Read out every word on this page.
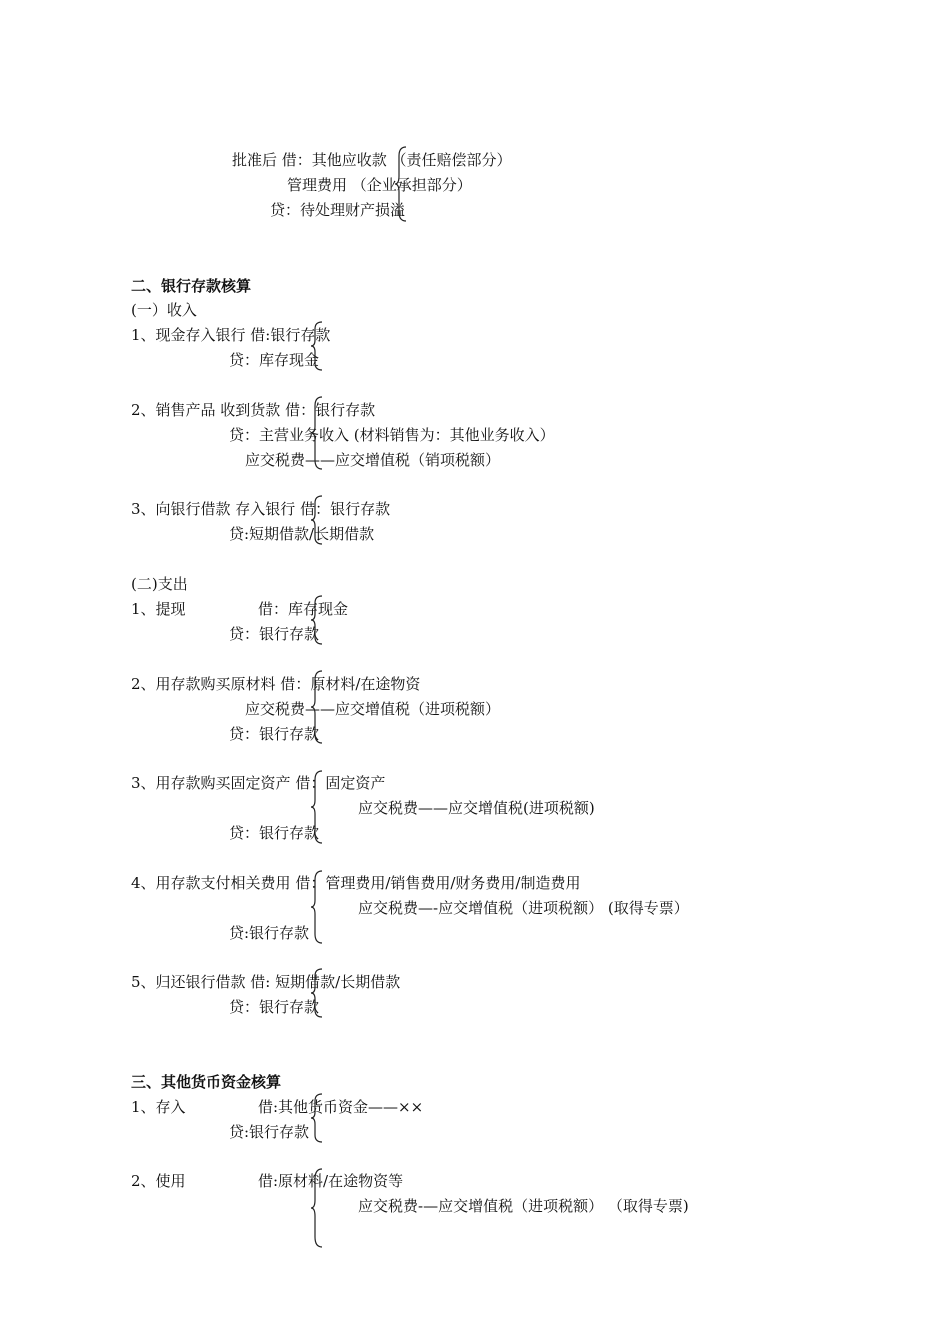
批准后 借：其他应收款 （责任赔偿部分）
管理费用 （企业承担部分）
贷：待处理财产损溢
二、银行存款核算
(一）收入
1、现金存入银行 借:银行存款
贷：库存现金
2、销售产品 收到货款 借：银行存款
贷：主营业务收入 (材料销售为：其他业务收入）
应交税费——应交增值税（销项税额）
3、向银行借款 存入银行 借：银行存款
贷:短期借款/长期借款
(二)支出
1、提现	借：库存现金
贷：银行存款
2、用存款购买原材料 借：原材料/在途物资
应交税费——应交增值税（进项税额）
贷：银行存款
3、用存款购买固定资产 借：固定资产
应交税费——应交增值税(进项税额)
贷：银行存款
4、用存款支付相关费用 借：管理费用/销售费用/财务费用/制造费用
应交税费—-应交增值税（进项税额） (取得专票）
贷:银行存款
5、归还银行借款 借: 短期借款/长期借款
贷：银行存款
三、其他货币资金核算
1、存入	借:其他货币资金——××
贷:银行存款
2、使用	借:原材料/在途物资等
应交税费-—应交增值税（进项税额） （取得专票)
